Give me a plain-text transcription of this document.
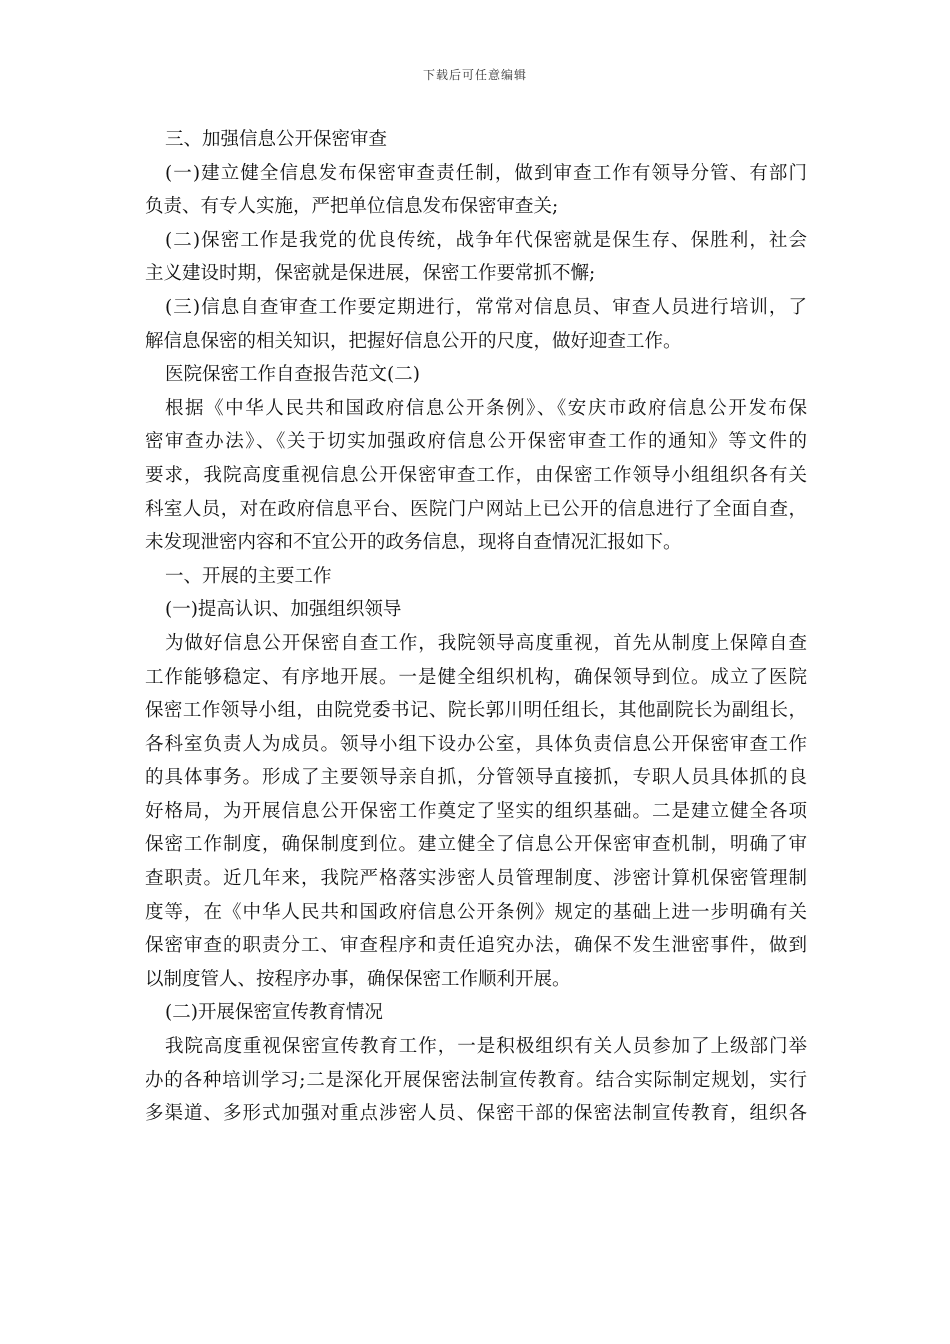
下载后可任意编辑
三、加强信息公开保密审查
(一)建立健全信息发布保密审查责任制，做到审查工作有领导分管、有部门
负责、有专人实施，严把单位信息发布保密审查关;
(二)保密工作是我党的优良传统，战争年代保密就是保生存、保胜利，社会
主义建设时期，保密就是保进展，保密工作要常抓不懈;
(三)信息自查审查工作要定期进行，常常对信息员、审查人员进行培训，了
解信息保密的相关知识，把握好信息公开的尺度，做好迎查工作。
医院保密工作自查报告范文(二)
根据《中华人民共和国政府信息公开条例》、《安庆市政府信息公开发布保
密审查办法》、《关于切实加强政府信息公开保密审查工作的通知》等文件的
要求，我院高度重视信息公开保密审查工作，由保密工作领导小组组织各有关
科室人员，对在政府信息平台、医院门户网站上已公开的信息进行了全面自查，
未发现泄密内容和不宜公开的政务信息，现将自查情况汇报如下。
一、开展的主要工作
(一)提高认识、加强组织领导
为做好信息公开保密自查工作，我院领导高度重视，首先从制度上保障自查
工作能够稳定、有序地开展。一是健全组织机构，确保领导到位。成立了医院
保密工作领导小组，由院党委书记、院长郭川明任组长，其他副院长为副组长，
各科室负责人为成员。领导小组下设办公室，具体负责信息公开保密审查工作
的具体事务。形成了主要领导亲自抓，分管领导直接抓，专职人员具体抓的良
好格局，为开展信息公开保密工作奠定了坚实的组织基础。二是建立健全各项
保密工作制度，确保制度到位。建立健全了信息公开保密审查机制，明确了审
查职责。近几年来，我院严格落实涉密人员管理制度、涉密计算机保密管理制
度等，在《中华人民共和国政府信息公开条例》规定的基础上进一步明确有关
保密审查的职责分工、审查程序和责任追究办法，确保不发生泄密事件，做到
以制度管人、按程序办事，确保保密工作顺利开展。
(二)开展保密宣传教育情况
我院高度重视保密宣传教育工作，一是积极组织有关人员参加了上级部门举
办的各种培训学习;二是深化开展保密法制宣传教育。结合实际制定规划，实行
多渠道、多形式加强对重点涉密人员、保密干部的保密法制宣传教育，组织各
